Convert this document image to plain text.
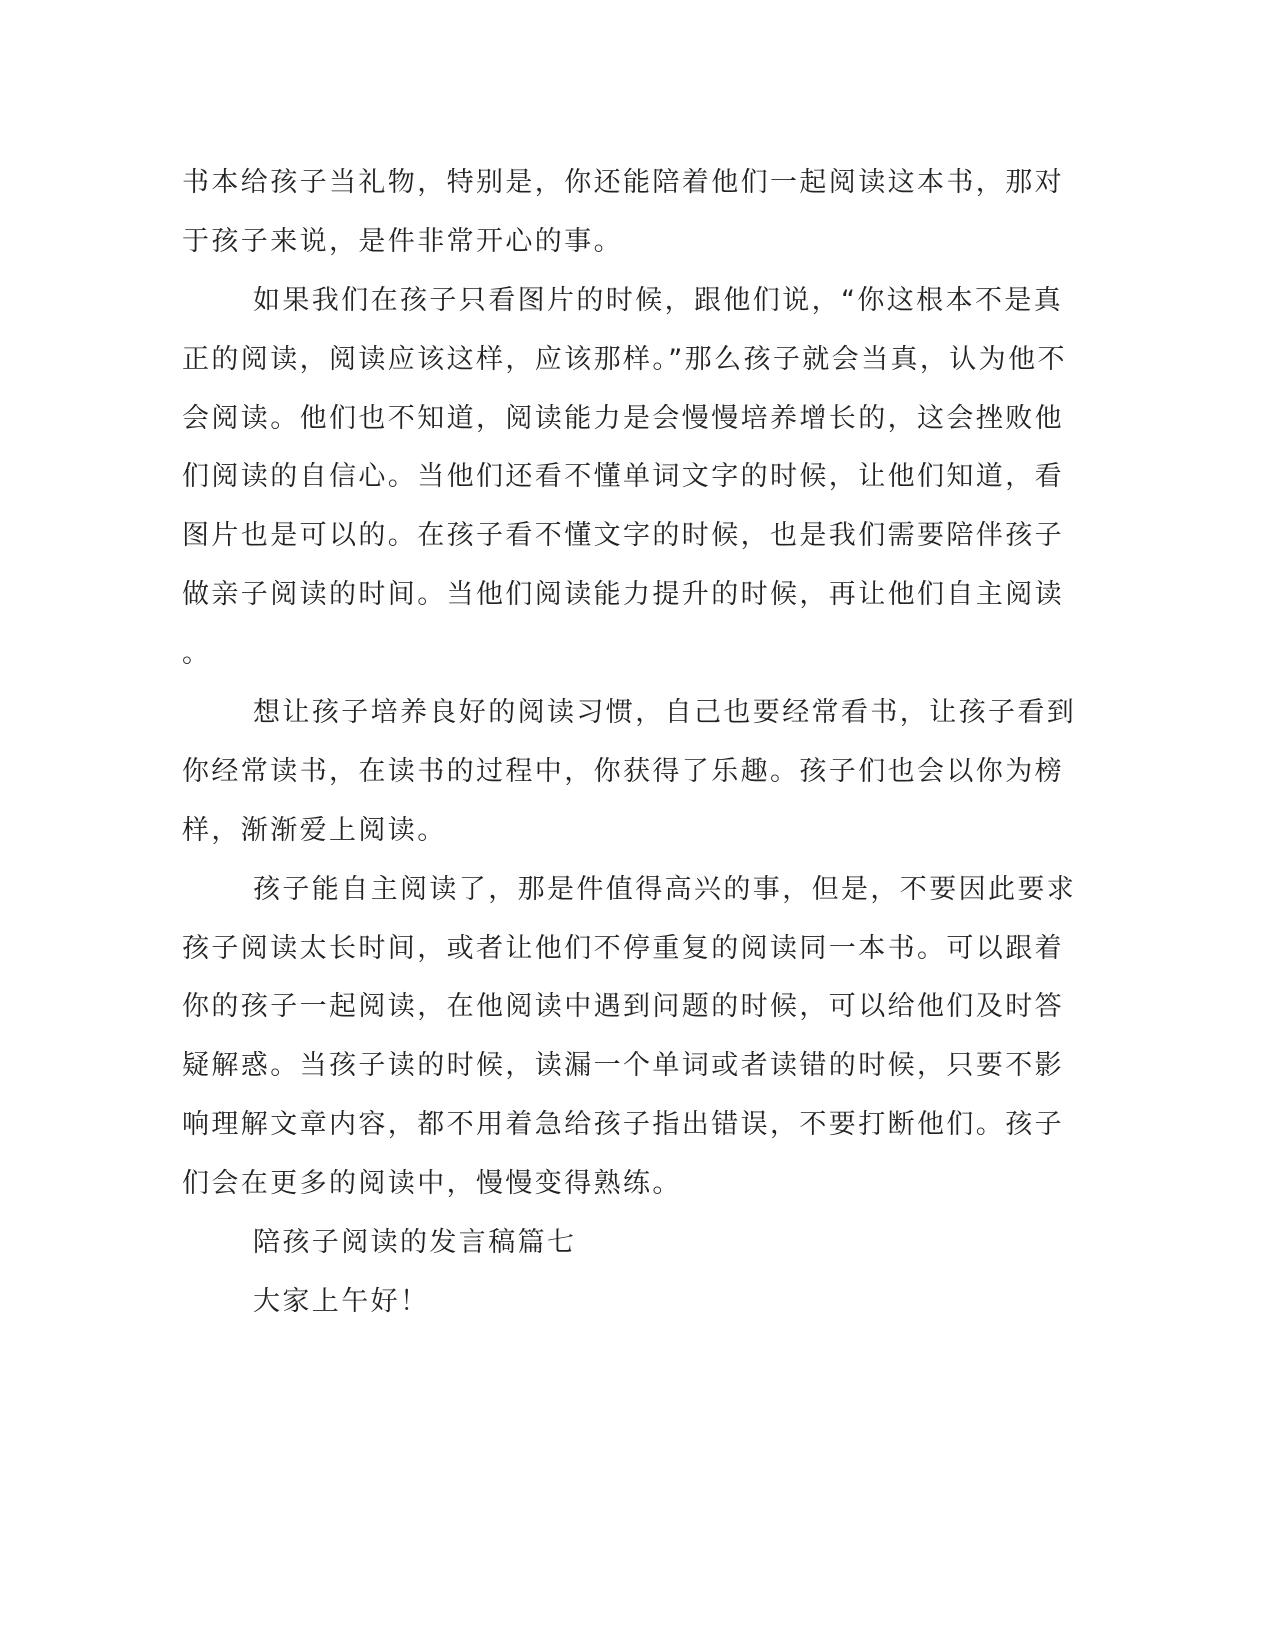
书本给孩子当礼物，特别是，你还能陪着他们一起阅读这本书，那对
于孩子来说，是件非常开心的事。
如果我们在孩子只看图片的时候，跟他们说，“你这根本不是真
正的阅读，阅读应该这样，应该那样。”那么孩子就会当真，认为他不
会阅读。他们也不知道，阅读能力是会慢慢培养增长的，这会挫败他
们阅读的自信心。当他们还看不懂单词文字的时候，让他们知道，看
图片也是可以的。在孩子看不懂文字的时候，也是我们需要陪伴孩子
做亲子阅读的时间。当他们阅读能力提升的时候，再让他们自主阅读
。
想让孩子培养良好的阅读习惯，自己也要经常看书，让孩子看到
你经常读书，在读书的过程中，你获得了乐趣。孩子们也会以你为榜
样，渐渐爱上阅读。
孩子能自主阅读了，那是件值得高兴的事，但是，不要因此要求
孩子阅读太长时间，或者让他们不停重复的阅读同一本书。可以跟着
你的孩子一起阅读，在他阅读中遇到问题的时候，可以给他们及时答
疑解惑。当孩子读的时候，读漏一个单词或者读错的时候，只要不影
响理解文章内容，都不用着急给孩子指出错误，不要打断他们。孩子
们会在更多的阅读中，慢慢变得熟练。
陪孩子阅读的发言稿篇七
大家上午好！
